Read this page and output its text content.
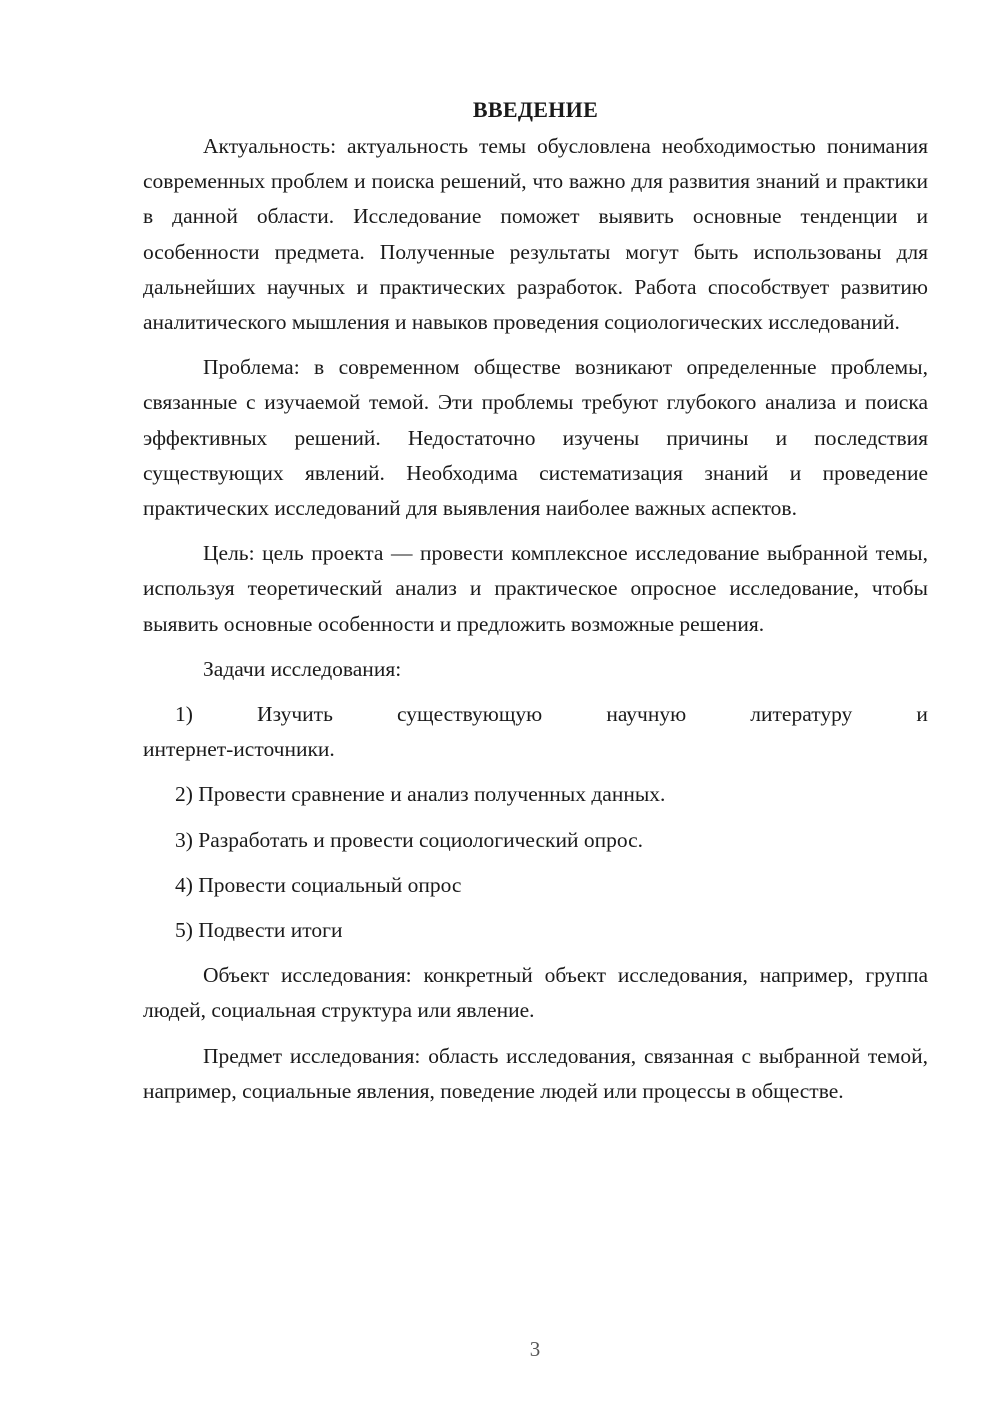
ВВЕДЕНИЕ

Актуальность: актуальность темы обусловлена необходимостью понимания современных проблем и поиска решений, что важно для развития знаний и практики в данной области. Исследование поможет выявить основные тенденции и особенности предмета. Полученные результаты могут быть использованы для дальнейших научных и практических разработок. Работа способствует развитию аналитического мышления и навыков проведения социологических исследований.

Проблема: в современном обществе возникают определенные проблемы, связанные с изучаемой темой. Эти проблемы требуют глубокого анализа и поиска эффективных решений. Недостаточно изучены причины и последствия существующих явлений. Необходима систематизация знаний и проведение практических исследований для выявления наиболее важных аспектов.

Цель: цель проекта — провести комплексное исследование выбранной темы, используя теоретический анализ и практическое опросное исследование, чтобы выявить основные особенности и предложить возможные решения.

Задачи исследования:

1)	Изучить	существующую	научную	литературу	и
интернет-источники.

2) Провести сравнение и анализ полученных данных.

3) Разработать и провести социологический опрос.

4) Провести социальный опрос

5) Подвести итоги

Объект исследования: конкретный объект исследования, например, группа людей, социальная структура или явление.

Предмет исследования: область исследования, связанная с выбранной темой, например, социальные явления, поведение людей или процессы в обществе.

3
